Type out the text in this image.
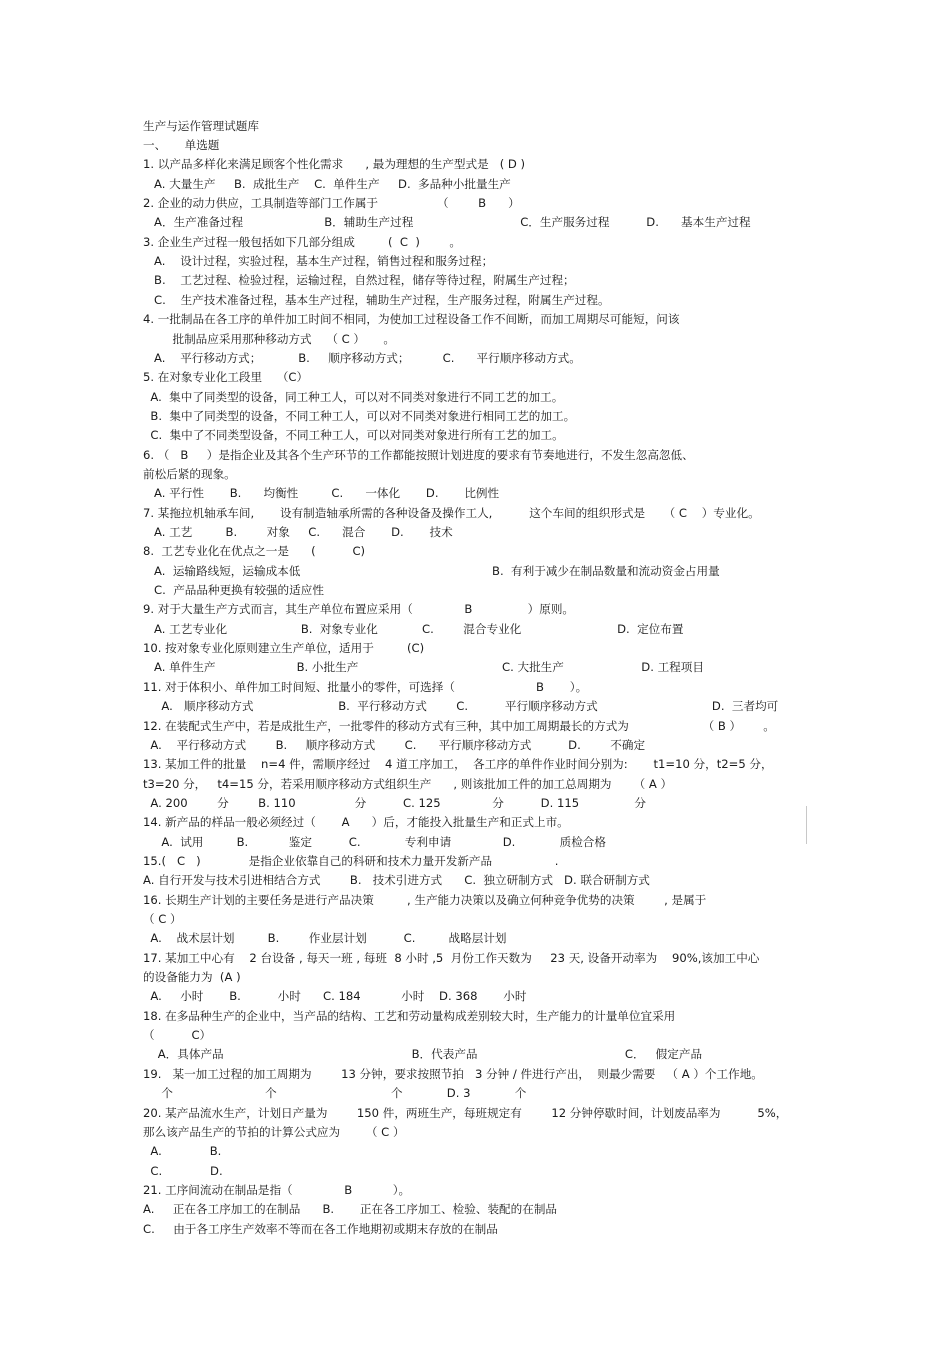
生产与运作管理试题库
一、     单选题
1. 以产品多样化来满足顾客个性化需求      , 最为理想的生产型式是   ( D )
A. 大量生产     B.  成批生产    C.  单件生产     D.  多品种小批量生产
2. 企业的动力供应，工具制造等部门工作属于                （        B      ）
A．生产准备过程                      B．辅助生产过程                             C．生产服务过程          D.      基本生产过程
3. 企业生产过程一般包括如下几部分组成         (  C  )        。
A.    设计过程，实验过程，基本生产过程，销售过程和服务过程；
B.    工艺过程、检验过程，运输过程，自然过程，储存等待过程，附属生产过程；
C.    生产技术准备过程，基本生产过程，辅助生产过程，生产服务过程，附属生产过程。
4. 一批制品在各工序的单件加工时间不相同，为使加工过程设备工作不间断，而加工周期尽可能短，问该
批制品应采用那种移动方式    （ C ）     。
A.    平行移动方式；          B.     顺序移动方式；         C.      平行顺序移动方式。
5. 在对象专业化工段里    （C）
A.  集中了同类型的设备，同工种工人，可以对不同类对象进行不同工艺的加工。
B.  集中了同类型的设备，不同工种工人，可以对不同类对象进行相同工艺的加工。
C.  集中了不同类型设备，不同工种工人，可以对同类对象进行所有工艺的加工。
6. （   B     ）是指企业及其各个生产环节的工作都能按照计划进度的要求有节奏地进行，不发生忽高忽低、
前松后紧的现象。
A. 平行性       B.      均衡性         C.      一体化       D.       比例性
7. 某拖拉机轴承车间,       设有制造轴承所需的各种设备及操作工人,          这个车间的组织形式是     （ C    ）专业化。
A. 工艺         B.        对象     C.      混合       D.       技术
8.  工艺专业化在优点之一是      (          C)
A.  运输路线短，运输成本低                                                    B.  有利于减少在制品数量和流动资金占用量
C.  产品品种更换有较强的适应性
9. 对于大量生产方式而言，其生产单位布置应采用（              B               ）原则。
A. 工艺专业化                    B.  对象专业化            C.        混合专业化                          D.  定位布置
10. 按对象专业化原则建立生产单位，适用于         (C)
A. 单件生产                      B. 小批生产                                       C. 大批生产                     D. 工程项目
11. 对于体积小、单件加工时间短、批量小的零件，可选择（                      B       ）。
A.   顺序移动方式                       B.  平行移动方式        C.          平行顺序移动方式                               D.  三者均可
12. 在装配式生产中，若是成批生产，一批零件的移动方式有三种，其中加工周期最长的方式为                    （ B ）      。
A.    平行移动方式        B.     顺序移动方式        C.      平行顺序移动方式          D.        不确定
13. 某加工件的批量    n=4 件，需顺序经过    4 道工序加工，  各工序的单件作业时间分别为:       t1=10 分，t2=5 分，
t3=20 分，   t4=15 分，若采用顺序移动方式组织生产      , 则该批加工件的加工总周期为      （ A ）
A. 200        分        B. 110                分          C. 125              分          D. 115               分
14. 新产品的样品一般必须经过（       A      ）后，才能投入批量生产和正式上市。
A.  试用         B.           鉴定          C.            专利申请              D.            质检合格
15.(   C   )             是指企业依靠自己的科研和技术力量开发新产品                 .
A. 自行开发与技术引进相结合方式        B.   技术引进方式      C.  独立研制方式   D. 联合研制方式
16. 长期生产计划的主要任务是进行产品决策         , 生产能力决策以及确立何种竞争优势的决策        , 是属于
（ C ）
A.    战术层计划         B.        作业层计划          C.         战略层计划
17. 某加工中心有    2 台设备 , 每天一班 , 每班  8 小时 ,5  月份工作天数为     23 天, 设备开动率为    90%,该加工中心
的设备能力为  (A )
A.     小时       B.          小时      C. 184           小时    D. 368       小时
18. 在多品种生产的企业中，当产品的结构、工艺和劳动量构成差别较大时，生产能力的计量单位宜采用
（          C）
A．具体产品                                                   B．代表产品                                        C．   假定产品
19.   某一加工过程的加工周期为        13 分钟，要求按照节拍   3 分钟 / 件进行产出，  则最少需要   （ A ）个工作地。
个                         个                               个            D. 3            个
20. 某产品流水生产，计划日产量为        150 件，两班生产，每班规定有        12 分钟停歇时间，计划废品率为          5%，
那么该产品生产的节拍的计算公式应为       （ C ）
A.             B.
C.             D.
21. 工序间流动在制品是指（              B           ）。
A.     正在各工序加工的在制品      B.       正在各工序加工、检验、装配的在制品
C.     由于各工序生产效率不等而在各工作地期初或期末存放的在制品
